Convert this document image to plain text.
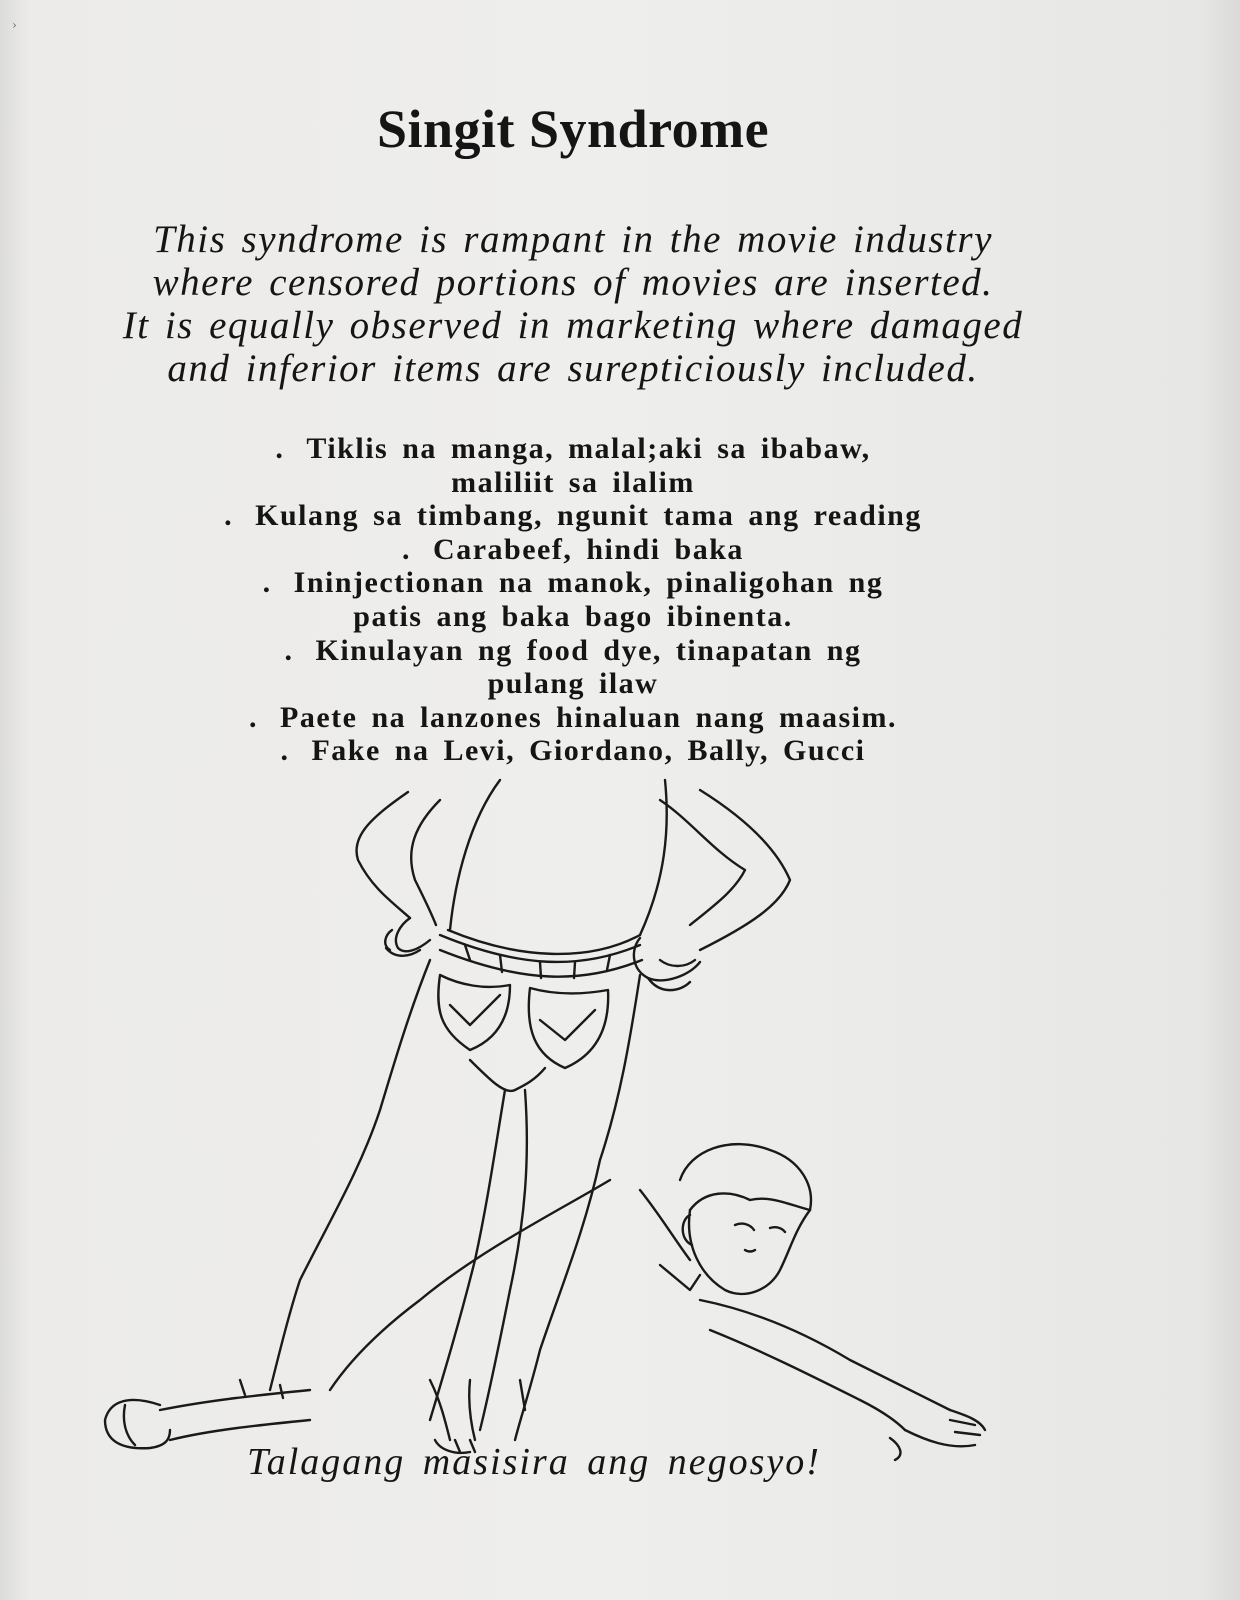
›
Singit Syndrome
This syndrome is rampant in the movie industry
where censored portions of movies are inserted.
It is equally observed in marketing where damaged
and inferior items are surepticiously included.
. Tiklis na manga, malal;aki sa ibabaw,
maliliit sa ilalim
. Kulang sa timbang, ngunit tama ang reading
. Carabeef, hindi baka
. Ininjectionan na manok, pinaligohan ng
patis ang baka bago ibinenta.
. Kinulayan ng food dye, tinapatan ng
pulang ilaw
. Paete na lanzones hinaluan nang maasim.
. Fake na Levi, Giordano, Bally, Gucci
Talagang masisira ang negosyo!
